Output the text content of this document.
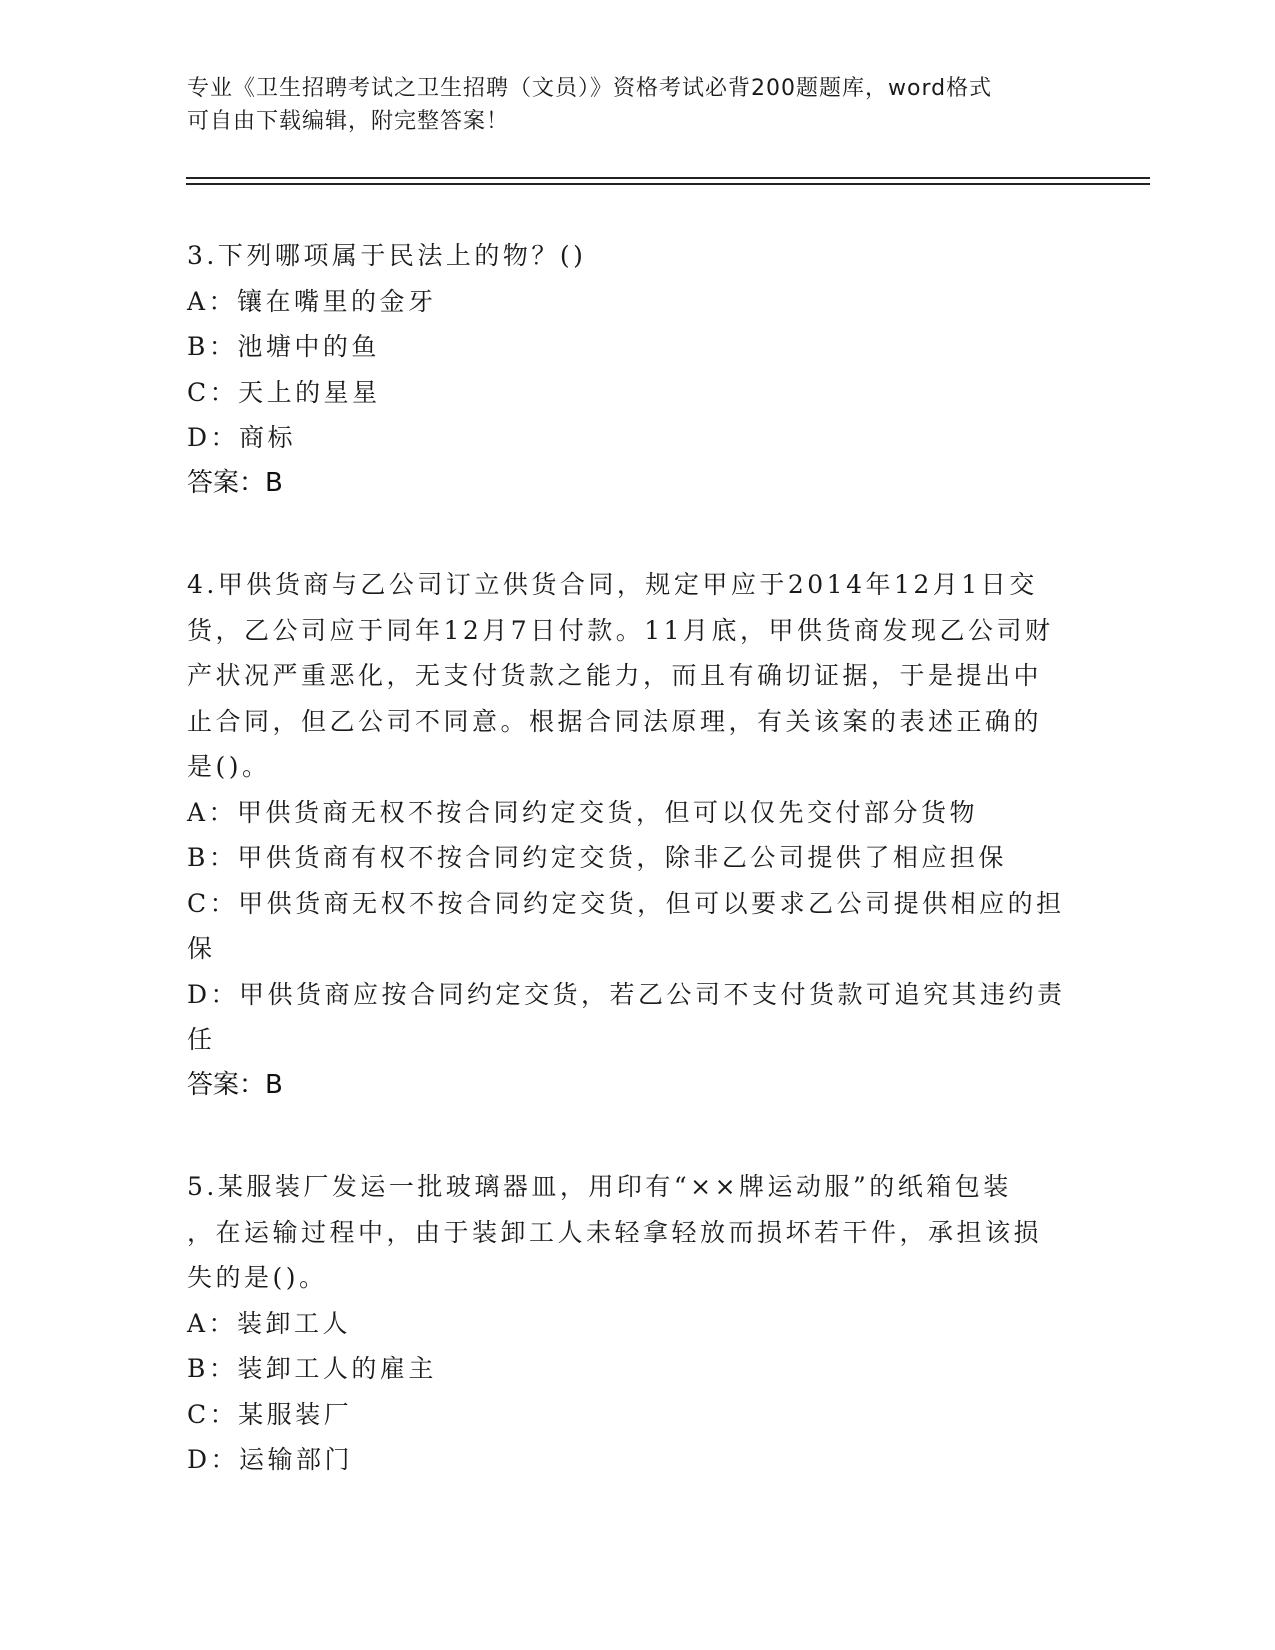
专业《卫生招聘考试之卫生招聘（文员）》资格考试必背200题题库，word格式
可自由下载编辑，附完整答案！

3.下列哪项属于民法上的物？()

A：镶在嘴里的金牙

B：池塘中的鱼

C：天上的星星

D：商标

答案：B

4.甲供货商与乙公司订立供货合同，规定甲应于2014年12月1日交

货，乙公司应于同年12月7日付款。11月底，甲供货商发现乙公司财

产状况严重恶化，无支付货款之能力，而且有确切证据，于是提出中

止合同，但乙公司不同意。根据合同法原理，有关该案的表述正确的

是()。

A：甲供货商无权不按合同约定交货，但可以仅先交付部分货物

B：甲供货商有权不按合同约定交货，除非乙公司提供了相应担保

C：甲供货商无权不按合同约定交货，但可以要求乙公司提供相应的担

保

D：甲供货商应按合同约定交货，若乙公司不支付货款可追究其违约责

任

答案：B

5.某服装厂发运一批玻璃器皿，用印有“××牌运动服”的纸箱包装

，在运输过程中，由于装卸工人未轻拿轻放而损坏若干件，承担该损

失的是()。

A：装卸工人

B：装卸工人的雇主

C：某服装厂

D：运输部门
